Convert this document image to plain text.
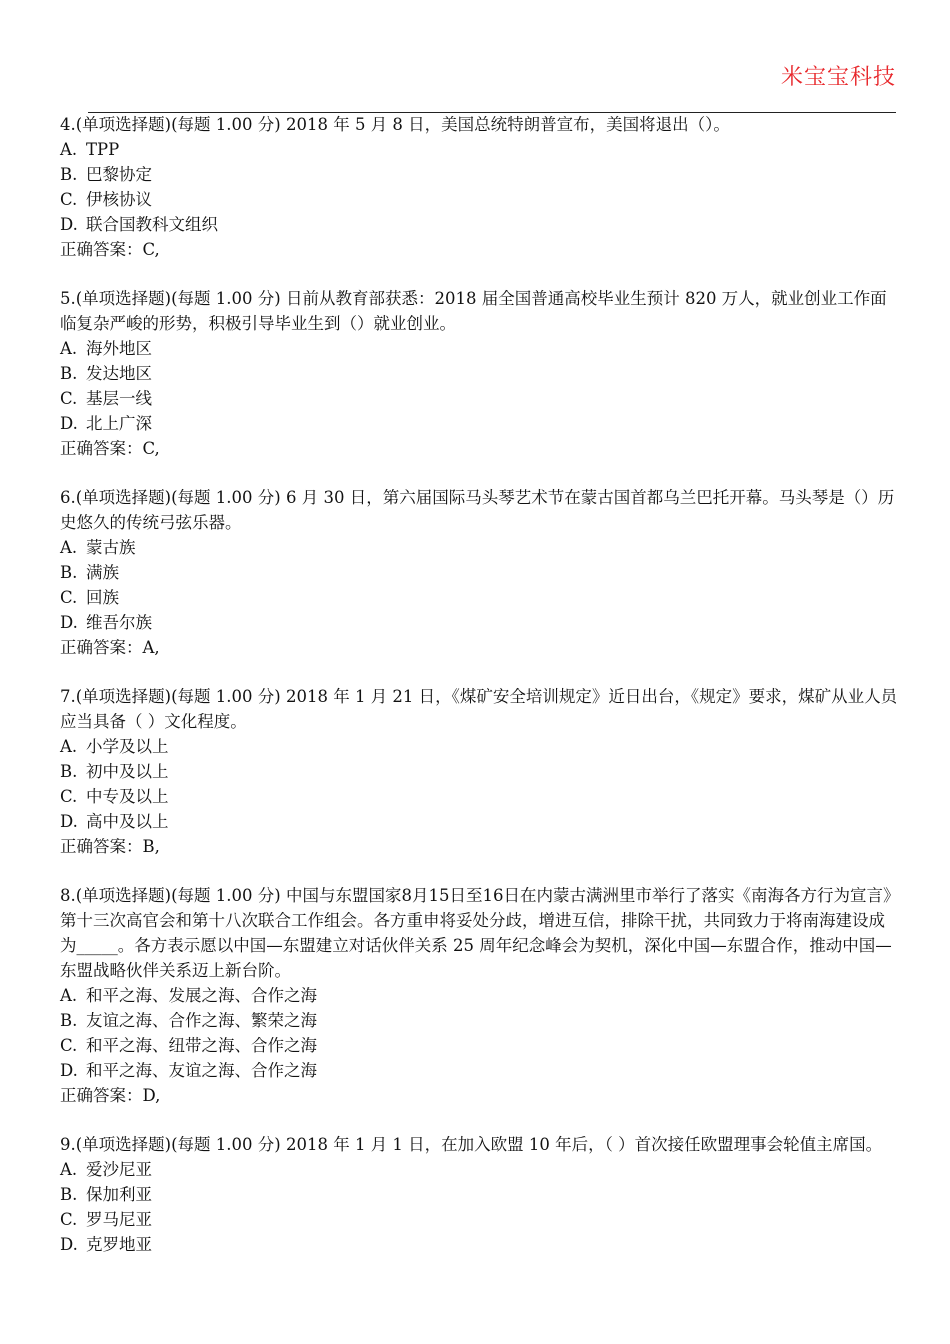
米宝宝科技

4.(单项选择题)(每题 1.00 分) 2018 年 5 月 8 日，美国总统特朗普宣布，美国将退出（）。

A. TPP
B. 巴黎协定
C. 伊核协议
D. 联合国教科文组织

正确答案：C,

5.(单项选择题)(每题 1.00 分) 日前从教育部获悉：2018 届全国普通高校毕业生预计 820 万人，就业创业工作面临复杂严峻的形势，积极引导毕业生到（）就业创业。

A. 海外地区
B. 发达地区
C. 基层一线
D. 北上广深

正确答案：C,

6.(单项选择题)(每题 1.00 分) 6 月 30 日，第六届国际马头琴艺术节在蒙古国首都乌兰巴托开幕。马头琴是（）历史悠久的传统弓弦乐器。

A. 蒙古族
B. 满族
C. 回族
D. 维吾尔族

正确答案：A,

7.(单项选择题)(每题 1.00 分) 2018 年 1 月 21 日，《煤矿安全培训规定》近日出台，《规定》要求，煤矿从业人员应当具备（ ）文化程度。

A. 小学及以上
B. 初中及以上
C. 中专及以上
D. 高中及以上

正确答案：B,

8.(单项选择题)(每题 1.00 分) 中国与东盟国家8月15日至16日在内蒙古满洲里市举行了落实《南海各方行为宣言》第十三次高官会和第十八次联合工作组会。各方重申将妥处分歧，增进互信，排除干扰，共同致力于将南海建设成为_____。各方表示愿以中国—东盟建立对话伙伴关系 25 周年纪念峰会为契机，深化中国—东盟合作，推动中国—东盟战略伙伴关系迈上新台阶。

A. 和平之海、发展之海、合作之海
B. 友谊之海、合作之海、繁荣之海
C. 和平之海、纽带之海、合作之海
D. 和平之海、友谊之海、合作之海

正确答案：D,

9.(单项选择题)(每题 1.00 分) 2018 年 1 月 1 日，在加入欧盟 10 年后，（ ）首次接任欧盟理事会轮值主席国。

A. 爱沙尼亚
B. 保加利亚
C. 罗马尼亚
D. 克罗地亚
